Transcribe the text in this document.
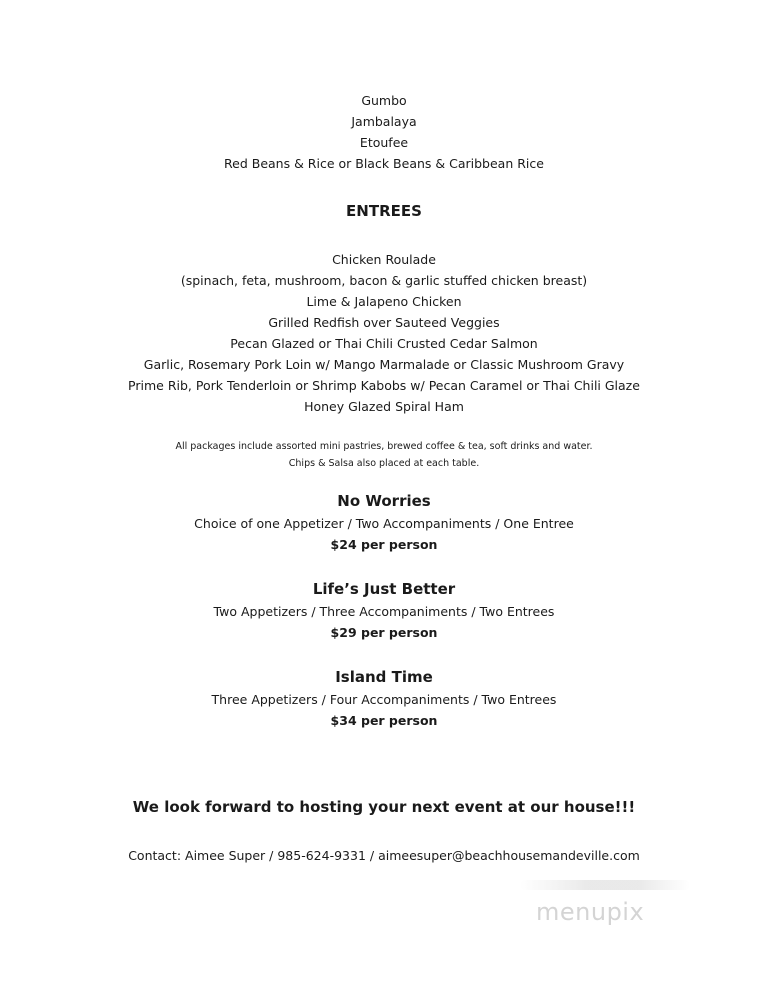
Gumbo
Jambalaya
Etoufee
Red Beans & Rice or Black Beans & Caribbean Rice
ENTREES
Chicken Roulade
(spinach, feta, mushroom, bacon & garlic stuffed chicken breast)
Lime & Jalapeno Chicken
Grilled Redfish over Sauteed Veggies
Pecan Glazed or Thai Chili Crusted Cedar Salmon
Garlic, Rosemary Pork Loin w/ Mango Marmalade or Classic Mushroom Gravy
Prime Rib, Pork Tenderloin or Shrimp Kabobs w/ Pecan Caramel or Thai Chili Glaze
Honey Glazed Spiral Ham
All packages include assorted mini pastries, brewed coffee & tea, soft drinks and water.
Chips & Salsa also placed at each table.
No Worries
Choice of one Appetizer / Two Accompaniments / One Entree
$24 per person
Life’s Just Better
Two Appetizers / Three Accompaniments / Two Entrees
$29 per person
Island Time
Three Appetizers / Four Accompaniments / Two Entrees
$34 per person
We look forward to hosting your next event at our house!!!
Contact: Aimee Super / 985-624-9331 / aimeesuper@beachhousemandeville.com
menupix
